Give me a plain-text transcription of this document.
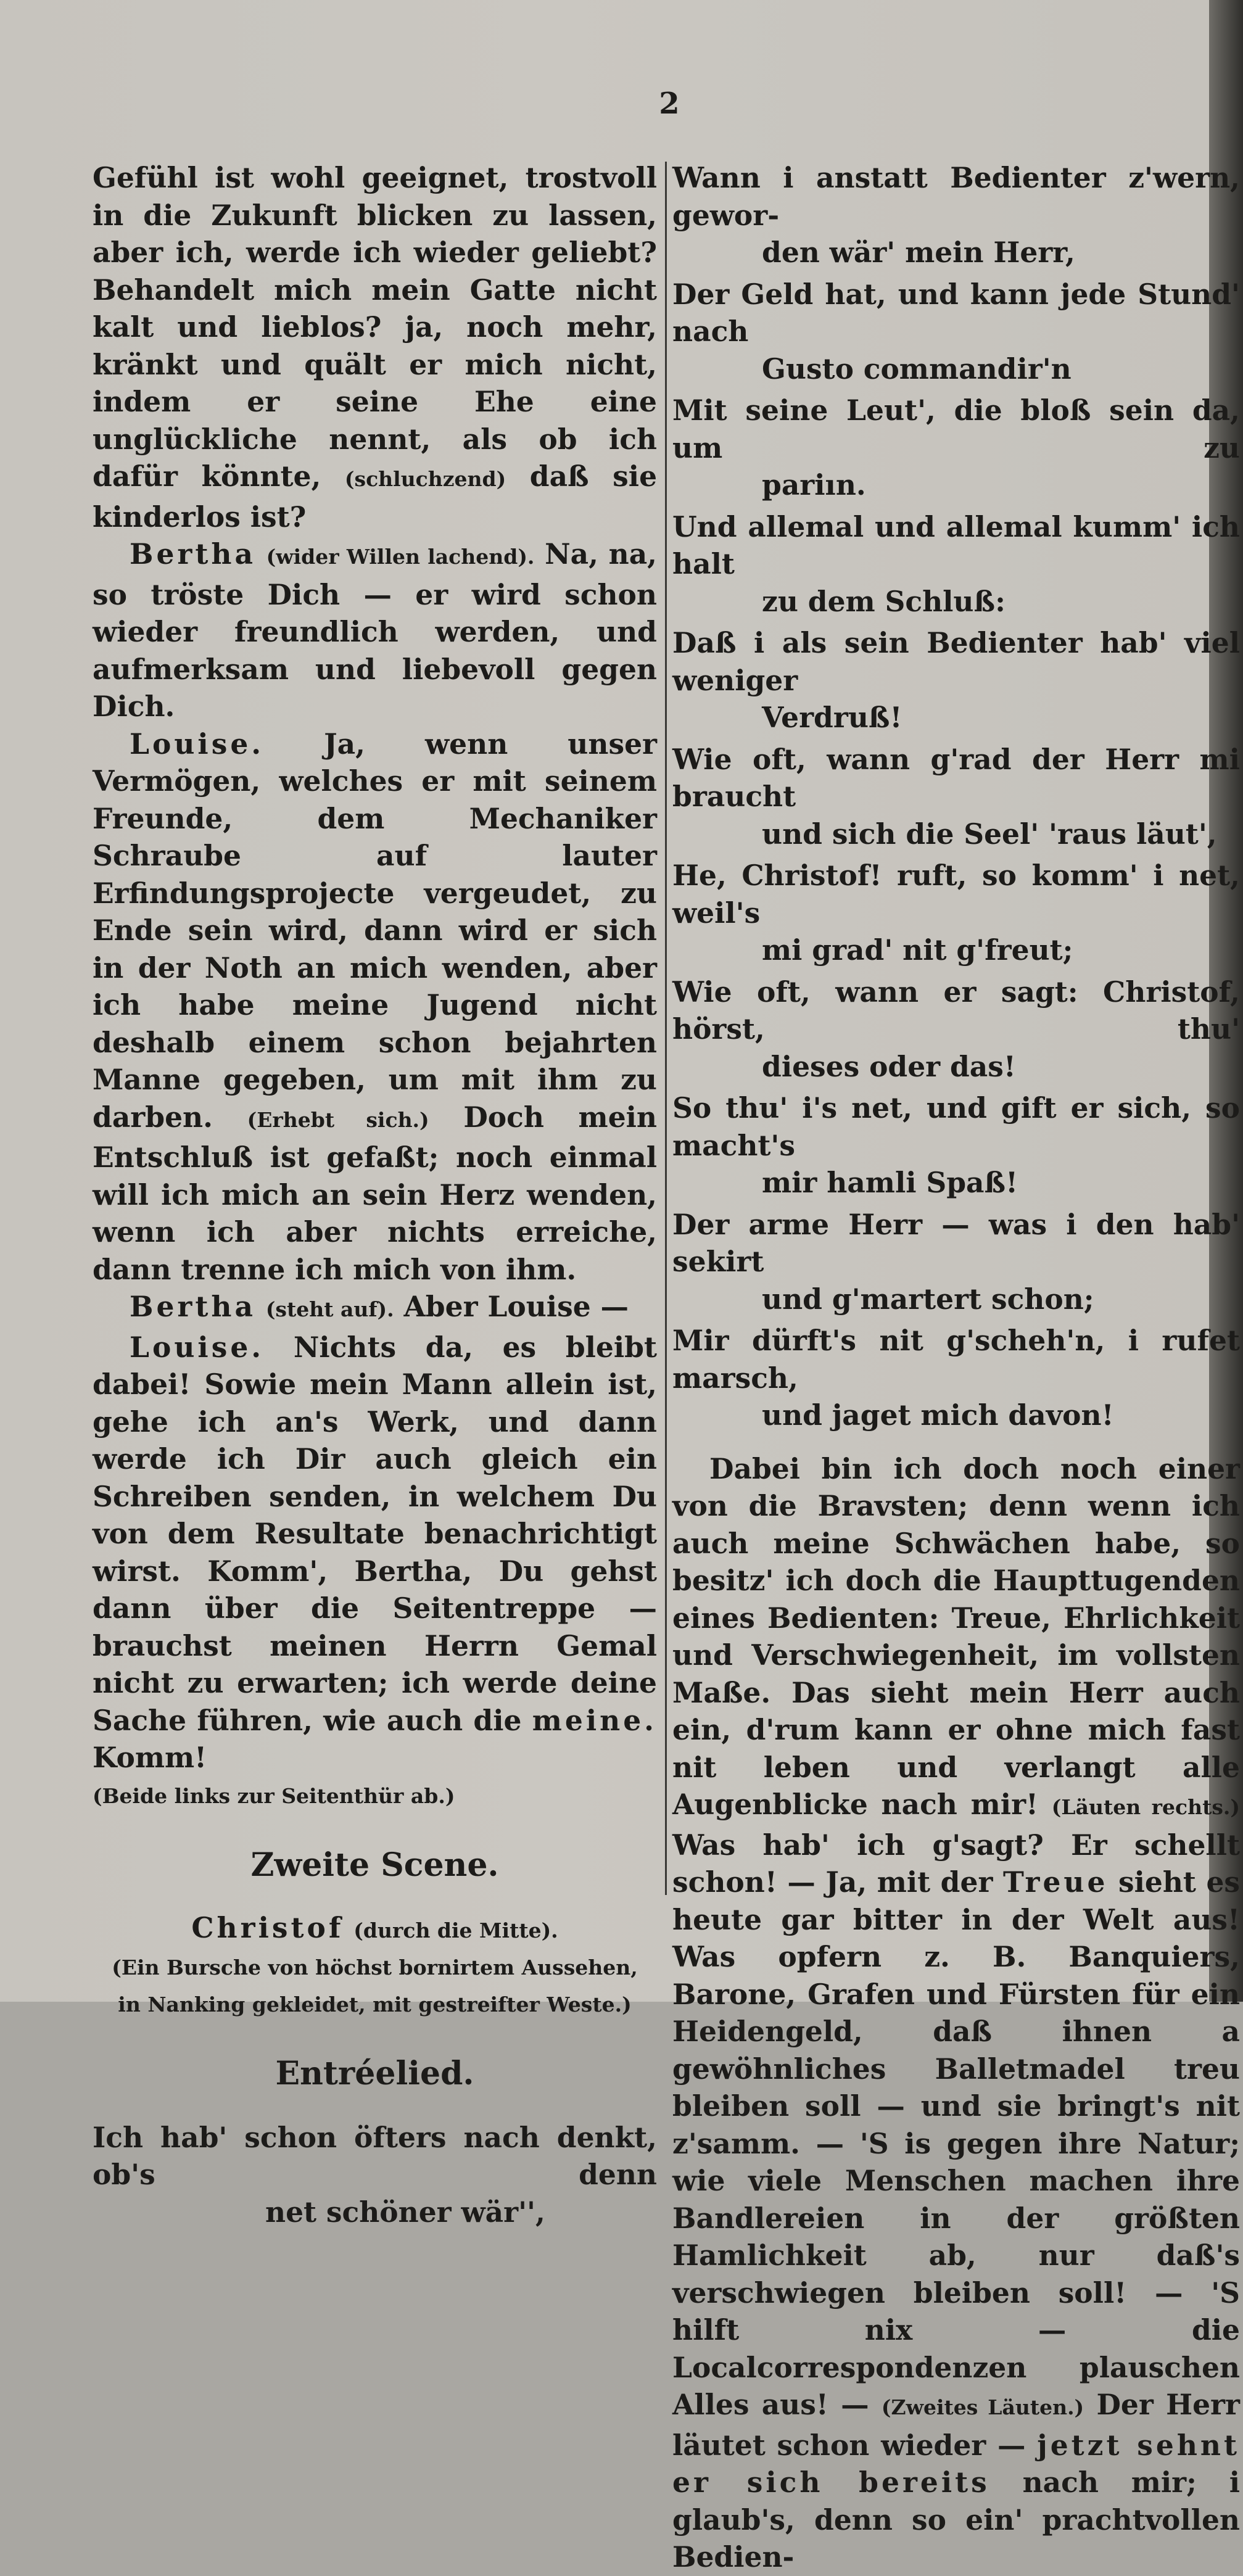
2

Gefühl ist wohl geeignet, trostvoll in die Zukunft blicken zu lassen, aber ich, werde ich wieder geliebt? Behandelt mich mein Gatte nicht kalt und lieblos? ja, noch mehr, kränkt und quält er mich nicht, indem er seine Ehe eine unglückliche nennt, als ob ich dafür könnte, (schluchzend) daß sie kinderlos ist?

Bertha (wider Willen lachend). Na, na, so tröste Dich — er wird schon wieder freundlich werden, und aufmerksam und liebevoll gegen Dich.

Louise. Ja, wenn unser Vermögen, welches er mit seinem Freunde, dem Mechaniker Schraube auf lauter Erfindungsprojecte vergeudet, zu Ende sein wird, dann wird er sich in der Noth an mich wenden, aber ich habe meine Jugend nicht deshalb einem schon bejahrten Manne gegeben, um mit ihm zu darben. (Erhebt sich.) Doch mein Entschluß ist gefaßt; noch einmal will ich mich an sein Herz wenden, wenn ich aber nichts erreiche, dann trenne ich mich von ihm.

Bertha (steht auf). Aber Louise —

Louise. Nichts da, es bleibt dabei! Sowie mein Mann allein ist, gehe ich an's Werk, und dann werde ich Dir auch gleich ein Schreiben senden, in welchem Du von dem Resultate benachrichtigt wirst. Komm', Bertha, Du gehst dann über die Seitentreppe — brauchst meinen Herrn Gemal nicht zu erwarten; ich werde deine Sache führen, wie auch die meine. Komm!

(Beide links zur Seitenthür ab.)

Zweite Scene.

Christof (durch die Mitte).

(Ein Bursche von höchst bornirtem Aussehen, in Nanking gekleidet, mit gestreifter Weste.)

Entréelied.

Ich hab' schon öfters nach denkt, ob's denn
net schöner wär'',

Wann i anstatt Bedienter z'wern, gewor-
den wär' mein Herr,

Der Geld hat, und kann jede Stund' nach
Gusto commandir'n

Mit seine Leut', die bloß sein da, um zu
pariın.

Und allemal und allemal kumm' ich halt
zu dem Schluß:

Daß i als sein Bedienter hab' viel weniger
Verdruß!

Wie oft, wann g'rad der Herr mi braucht
und sich die Seel' 'raus läut',

He, Christof! ruft, so komm' i net, weil's
mi grad' nit g'freut;

Wie oft, wann er sagt: Christof, hörst, thu'
dieses oder das!

So thu' i's net, und gift er sich, so macht's
mir hamli Spaß!

Der arme Herr — was i den hab' sekirt
und g'martert schon;

Mir dürft's nit g'scheh'n, i rufet marsch,
und jaget mich davon!

Dabei bin ich doch noch einer von die Bravsten; denn wenn ich auch meine Schwächen habe, so besitz' ich doch die Haupttugenden eines Bedienten: Treue, Ehrlichkeit und Verschwiegenheit, im vollsten Maße. Das sieht mein Herr auch ein, d'rum kann er ohne mich fast nit leben und verlangt alle Augenblicke nach mir! (Läuten rechts.) Was hab' ich g'sagt? Er schellt schon! — Ja, mit der Treue sieht es heute gar bitter in der Welt aus! Was opfern z. B. Banquiers, Barone, Grafen und Fürsten für ein Heidengeld, daß ihnen a gewöhnliches Balletmadel treu bleiben soll — und sie bringt's nit z'samm. — 'S is gegen ihre Natur; wie viele Menschen machen ihre Bandlereien in der größten Hamlichkeit ab, nur daß's verschwiegen bleiben soll! — 'S hilft nix — die Localcorrespondenzen plauschen Alles aus! — (Zweites Läuten.) Der Herr läutet schon wieder — jetzt sehnt er sich bereits nach mir; i glaub's, denn so ein' prachtvollen Bedien-
